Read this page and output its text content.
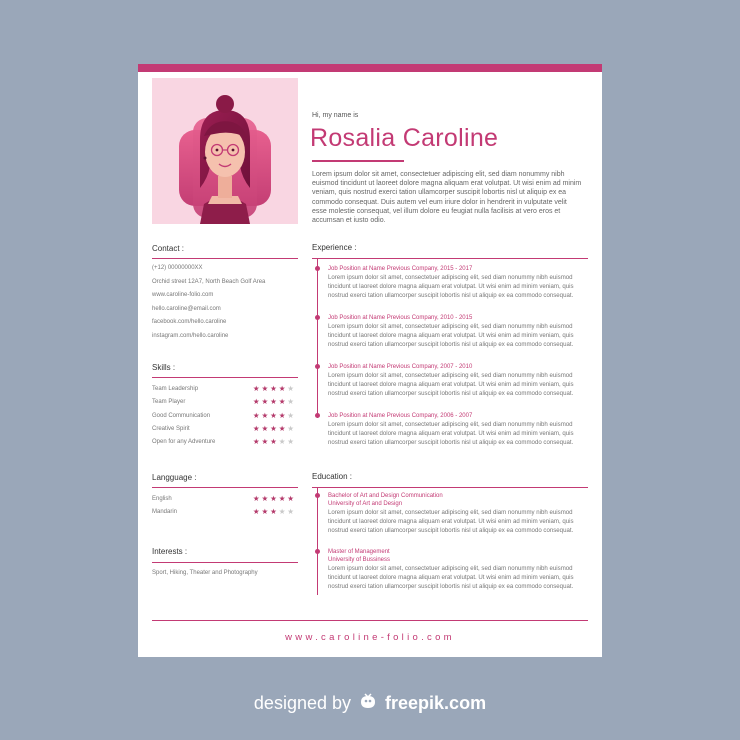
Hi, my name is
Rosalia Caroline
Lorem ipsum dolor sit amet, consectetuer adipiscing elit, sed diam nonummy nibh euismod tincidunt ut laoreet dolore magna aliquam erat volutpat. Ut wisi enim ad minim veniam, quis nostrud exerci tation ullamcorper suscipit lobortis nisl ut aliquip ex ea commodo consequat. Duis autem vel eum iriure dolor in hendrerit in vulputate velit esse molestie consequat, vel illum dolore eu feugiat nulla facilisis at vero eros et accumsan et iusto odio.
Contact :
(+12) 00000000XX
Orchid street 12A7, North Beach Golf Area
www.caroline-folio.com
hello.caroline@email.com
facebook.com/hello.caroline
instagram.com/hello.caroline
Skills :
Team Leadership	★ ★ ★ ★ ★
Team Player	★ ★ ★ ★ ★
Good Communication	★ ★ ★ ★ ★
Creative Spirit	★ ★ ★ ★ ★
Open for any Adventure	★ ★ ★ ★ ★
Langguage :
English	★ ★ ★ ★ ★
Mandarin	★ ★ ★ ★ ★
Interests :
Sport, Hiking, Theater and Photography
Experience :
Education :
www.caroline-folio.com
Job Position at Name Previous Company, 2015 - 2017
Lorem ipsum dolor sit amet, consectetuer adipiscing elit, sed diam nonummy nibh euismod tincidunt ut laoreet dolore magna aliquam erat volutpat. Ut wisi enim ad minim veniam, quis nostrud exerci tation ullamcorper suscipit lobortis nisl ut aliquip ex ea commodo consequat.
Job Position at Name Previous Company, 2010 - 2015
Lorem ipsum dolor sit amet, consectetuer adipiscing elit, sed diam nonummy nibh euismod tincidunt ut laoreet dolore magna aliquam erat volutpat. Ut wisi enim ad minim veniam, quis nostrud exerci tation ullamcorper suscipit lobortis nisl ut aliquip ex ea commodo consequat.
Job Position at Name Previous Company, 2007 - 2010
Lorem ipsum dolor sit amet, consectetuer adipiscing elit, sed diam nonummy nibh euismod tincidunt ut laoreet dolore magna aliquam erat volutpat. Ut wisi enim ad minim veniam, quis nostrud exerci tation ullamcorper suscipit lobortis nisl ut aliquip ex ea commodo consequat.
Job Position at Name Previous Company, 2006 - 2007
Lorem ipsum dolor sit amet, consectetuer adipiscing elit, sed diam nonummy nibh euismod tincidunt ut laoreet dolore magna aliquam erat volutpat. Ut wisi enim ad minim veniam, quis nostrud exerci tation ullamcorper suscipit lobortis nisl ut aliquip ex ea commodo consequat.
Bachelor of Art and Design Communication
University of Art and Design
Lorem ipsum dolor sit amet, consectetuer adipiscing elit, sed diam nonummy nibh euismod tincidunt ut laoreet dolore magna aliquam erat volutpat. Ut wisi enim ad minim veniam, quis nostrud exerci tation ullamcorper suscipit lobortis nisl ut aliquip ex ea commodo consequat.
Master of Management
University of Bussiness
Lorem ipsum dolor sit amet, consectetuer adipiscing elit, sed diam nonummy nibh euismod tincidunt ut laoreet dolore magna aliquam erat volutpat. Ut wisi enim ad minim veniam, quis nostrud exerci tation ullamcorper suscipit lobortis nisl ut aliquip ex ea commodo consequat.
designed by freepik.com
